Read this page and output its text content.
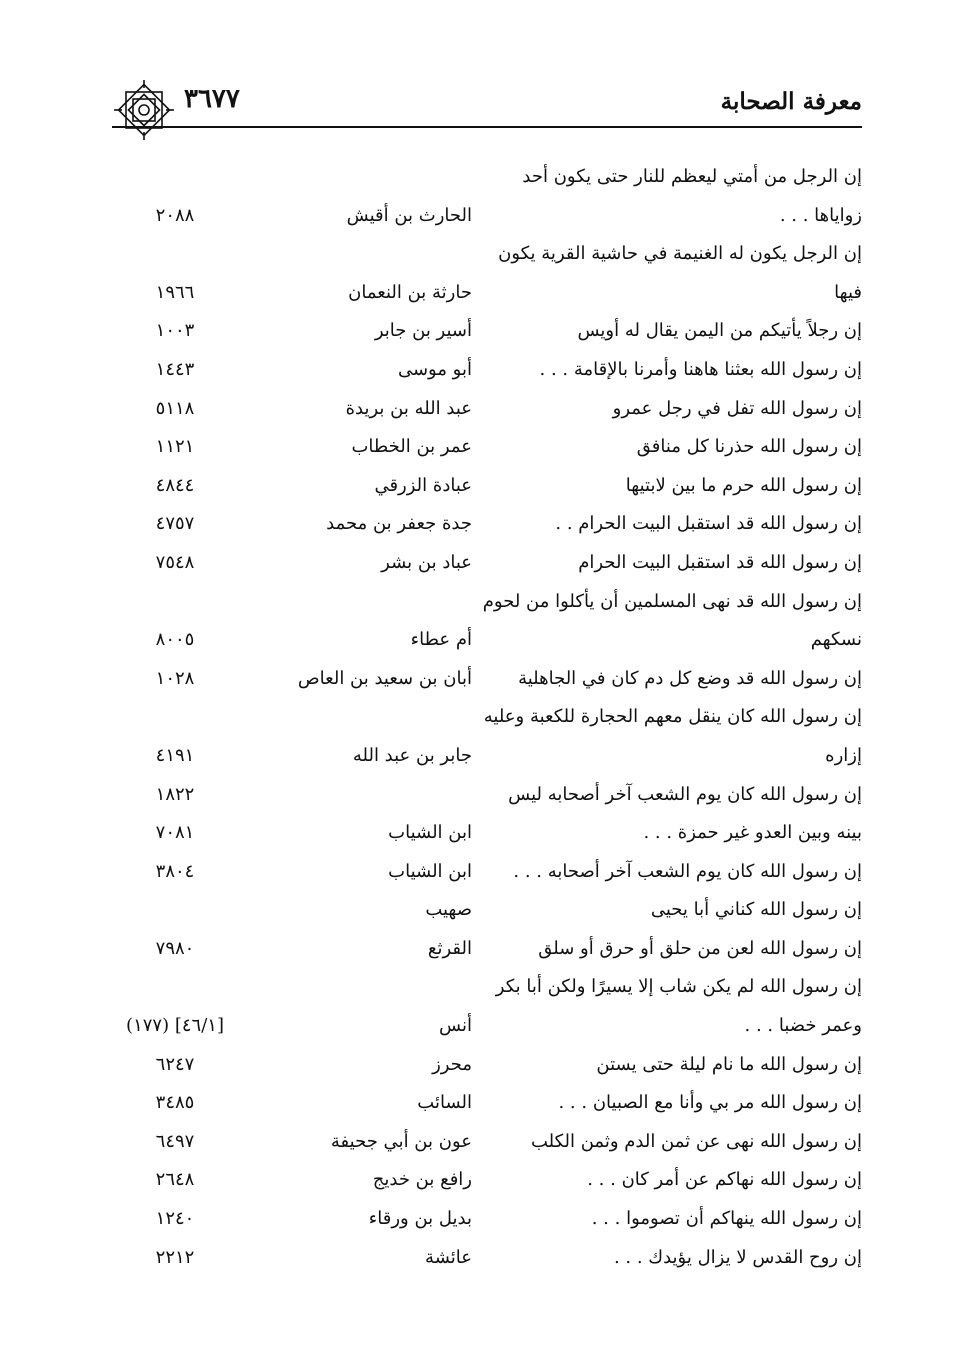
معرفة الصحابة
٣٦٧٧
إن الرجل من أمتي ليعظم للنار حتى يكون أحد
زواياها . . .
الحارث بن أقيش
٢٠٨٨
إن الرجل يكون له الغنيمة في حاشية القرية يكون
فيها
حارثة بن النعمان
١٩٦٦
إن رجلاً يأتيكم من اليمن يقال له أويس
أسير بن جابر
١٠٠٣
إن رسول الله بعثنا هاهنا وأمرنا بالإقامة . . .
أبو موسى
١٤٤٣
إن رسول الله تفل في رجل عمرو
عبد الله بن بريدة
٥١١٨
إن رسول الله حذرنا كل منافق
عمر بن الخطاب
١١٢١
إن رسول الله حرم ما بين لابتيها
عبادة الزرقي
٤٨٤٤
إن رسول الله قد استقبل البيت الحرام . .
جدة جعفر بن محمد
٤٧٥٧
إن رسول الله قد استقبل البيت الحرام
عباد بن بشر
٧٥٤٨
إن رسول الله قد نهى المسلمين أن يأكلوا من لحوم
نسكهم
أم عطاء
٨٠٠٥
إن رسول الله قد وضع كل دم كان في الجاهلية
أبان بن سعيد بن العاص
١٠٢٨
إن رسول الله كان ينقل معهم الحجارة للكعبة وعليه
إزاره
جابر بن عبد الله
٤١٩١
إن رسول الله كان يوم الشعب آخر أصحابه ليس
١٨٢٢
بينه وبين العدو غير حمزة . . .
ابن الشياب
٧٠٨١
إن رسول الله كان يوم الشعب آخر أصحابه . . .
ابن الشياب
٣٨٠٤
إن رسول الله كناني أبا يحيى
صهيب
إن رسول الله لعن من حلق أو حرق أو سلق
القرثع
٧٩٨٠
إن رسول الله لم يكن شاب إلا يسيرًا ولكن أبا بكر
وعمر خضبا . . .
أنس
[٤٦/١] (١٧٧)
إن رسول الله ما نام ليلة حتى يستن
محرز
٦٢٤٧
إن رسول الله مر بي وأنا مع الصبيان . . .
السائب
٣٤٨٥
إن رسول الله نهى عن ثمن الدم وثمن الكلب
عون بن أبي جحيفة
٦٤٩٧
إن رسول الله نهاكم عن أمر كان . . .
رافع بن خديج
٢٦٤٨
إن رسول الله ينهاكم أن تصوموا . . .
بديل بن ورقاء
١٢٤٠
إن روح القدس لا يزال يؤيدك . . .
عائشة
٢٢١٢
